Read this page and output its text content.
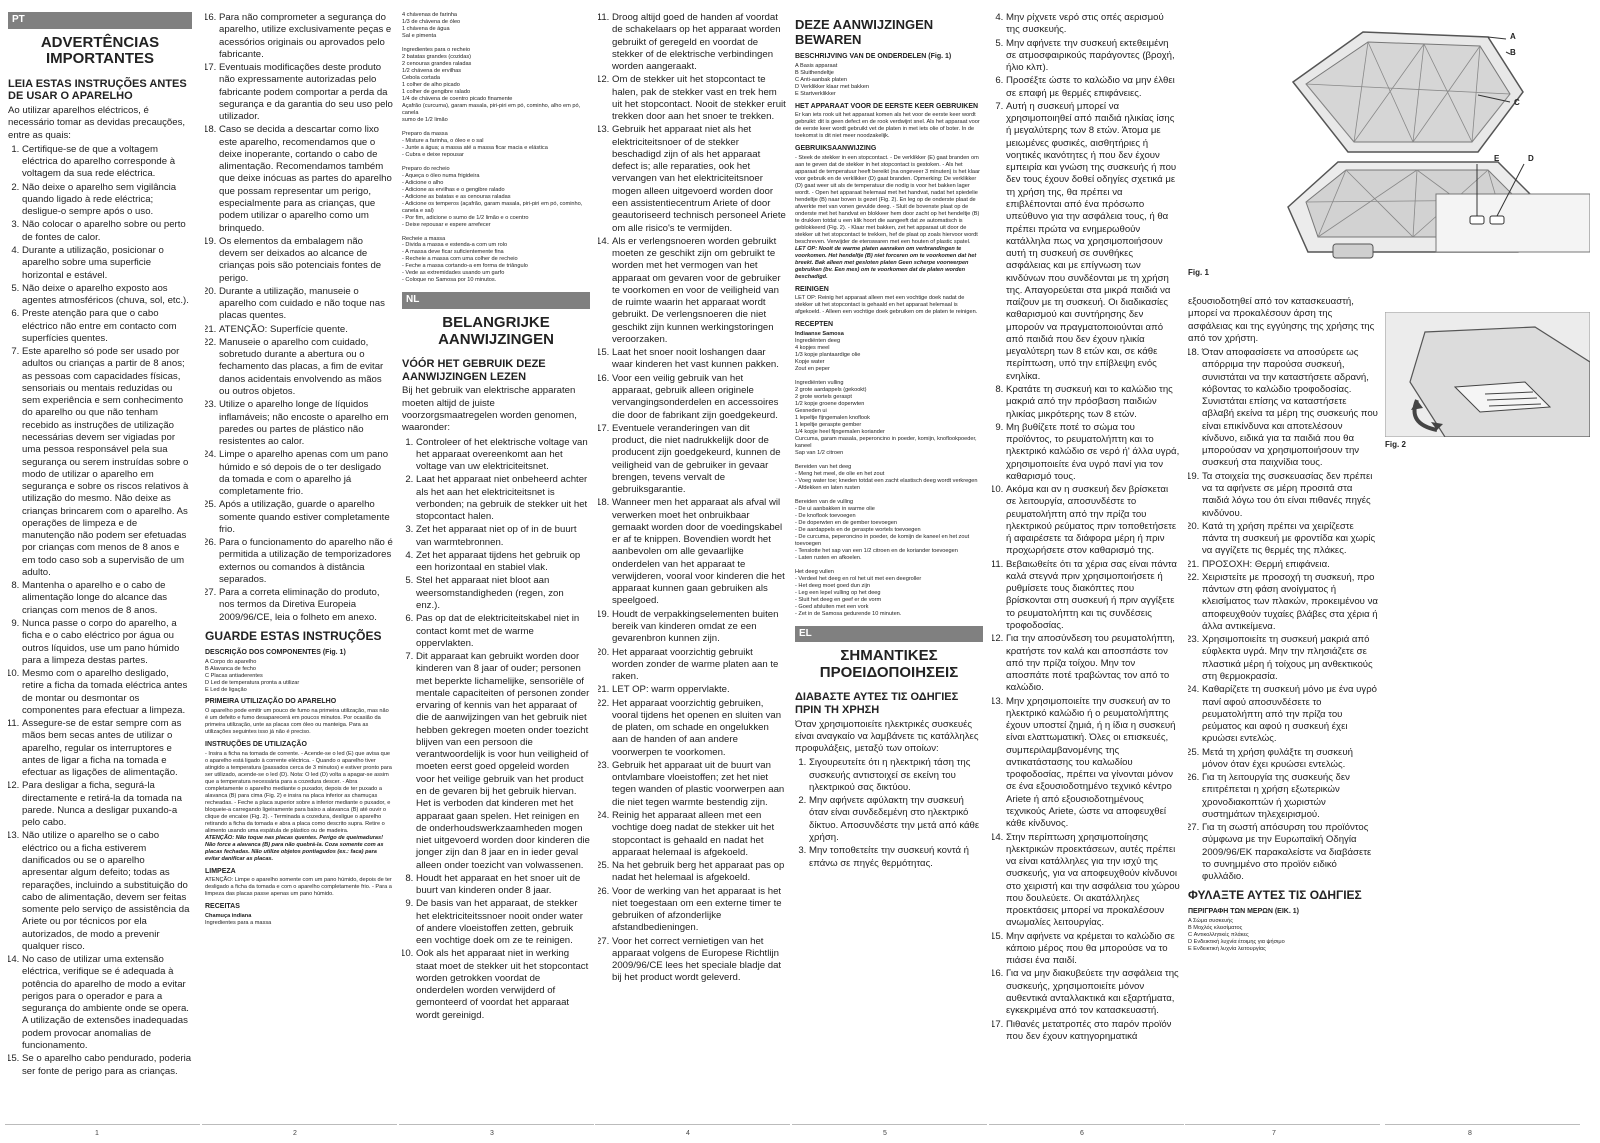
PT
ADVERTÊNCIAS IMPORTANTES
LEIA ESTAS INSTRUÇÕES ANTES DE USAR O APARELHO

Ao utilizar aparelhos eléctricos, é necessário tomar as devidas precauções, entre as quais:

1. Certifique-se de que a voltagem eléctrica do aparelho corresponde à voltagem da sua rede eléctrica.
2. Não deixe o aparelho sem vigilância quando ligado à rede eléctrica; desligue-o sempre após o uso.
3. Não colocar o aparelho sobre ou perto de fontes de calor.
4. Durante a utilização, posicionar o aparelho sobre uma superficie horizontal e estável.
5. Não deixe o aparelho exposto aos agentes atmosféricos (chuva, sol, etc.).
6. Preste atenção para que o cabo eléctrico não entre em contacto com superfícies quentes.
7. Este aparelho só pode ser usado por adultos ou crianças a partir de 8 anos; as pessoas com capacidades físicas, sensoriais ou mentais reduzidas ou sem experiência e sem conhecimento do aparelho ou que não tenham recebido as instruções de utilização necessárias devem ser vigiadas por uma pessoa responsável pela sua segurança ou serem instruídas sobre o modo de utilizar o aparelho em segurança e sobre os riscos relativos à utilização do mesmo. Não deixe as crianças brincarem com o aparelho. As operações de limpeza e de manutenção não podem ser efetuadas por crianças com menos de 8 anos e em todo caso sob a supervisão de um adulto.
8. Mantenha o aparelho e o cabo de alimentação longe do alcance das crianças com menos de 8 anos.
9. Nunca passe o corpo do aparelho, a ficha e o cabo eléctrico por água ou outros líquidos, use um pano húmido para a limpeza destas partes.
10. Mesmo com o aparelho desligado, retire a ficha da tomada eléctrica antes de montar ou desmontar os componentes para efectuar a limpeza.
11. Assegure-se de estar sempre com as mãos bem secas antes de utilizar o aparelho, regular os interruptores e antes de ligar a ficha na tomada e efectuar as ligações de alimentação.
12. Para desligar a ficha, segurá-la directamente e retirá-la da tomada na parede. Nunca a desligar puxando-a pelo cabo.
13. Não utilize o aparelho se o cabo eléctrico ou a ficha estiverem danificados ou se o aparelho apresentar algum defeito; todas as reparações, incluindo a substituição do cabo de alimentação, devem ser feitas somente pelo serviço de assistência da Ariete ou por técnicos por ela autorizados, de modo a prevenir qualquer risco.
14. No caso de utilizar uma extensão eléctrica, verifique se é adequada à potência do aparelho de modo a evitar perigos para o operador e para a segurança do ambiente onde se opera. A utilização de extensões inadequadas podem provocar anomalias de funcionamento.
15. Se o aparelho cabo pendurado, poderia ser fonte de perigo para as crianças.
1
16. Para não comprometer a segurança do aparelho, utilize exclusivamente peças e acessórios originais ou aprovados pelo fabricante.
17. Eventuais modificações deste produto não expressamente autorizadas pelo fabricante podem comportar a perda da segurança e da garantia do seu uso pelo utilizador.
18. Caso se decida a descartar como lixo este aparelho, recomendamos que o deixe inoperante, cortando o cabo de alimentação. Recomendamos também que deixe inócuas as partes do aparelho que possam representar um perigo, especialmente para as crianças, que podem utilizar o aparelho como um brinquedo.
19. Os elementos da embalagem não devem ser deixados ao alcance de crianças pois são potenciais fontes de perigo.
20. Durante a utilização, manuseie o aparelho com cuidado e não toque nas placas quentes.
21. ATENÇÃO: Superfície quente.
22. Manuseie o aparelho com cuidado, sobretudo durante a abertura ou o fechamento das placas, a fim de evitar danos acidentais envolvendo as mãos ou outros objetos.
23. Utilize o aparelho longe de líquidos inflamáveis; não encoste o aparelho em paredes ou partes de plástico não resistentes ao calor.
24. Limpe o aparelho apenas com um pano húmido e só depois de o ter desligado da tomada e com o aparelho já completamente frio.
25. Após a utilização, guarde o aparelho somente quando estiver completamente frio.
26. Para o funcionamento do aparelho não é permitida a utilização de temporizadores externos ou comandos à distância separados.
27. Para a correta eliminação do produto, nos termos da Diretiva Europeia 2009/96/CE, leia o folheto em anexo.
GUARDE ESTAS INSTRUÇÕES
DESCRIÇÃO DOS COMPONENTES (Fig. 1)
A Corpo do aparelho
B Alavanca de fecho
C Placas antiaderentes
D Led de temperatura pronta a utilizar
E Led de ligação
PRIMEIRA UTILIZAÇÃO DO APARELHO

O aparelho pode emitir um pouco de fumo na primeira utilização, mas não é um defeito e fumo desaparecerá em poucos minutos. Por ocasião da primeira utilização, unte as placas com óleo ou manteiga. Para as utilizações seguintes isso já não é preciso.

INSTRUÇÕES DE UTILIZAÇÃO

- Insira a ficha na tomada de corrente. - Acende-se o led (E) que avisa que o aparelho está ligado à corrente eléctrica. - Quando o aparelho tiver atingido a temperatura (passados cerca de 3 minutos) e estiver pronto para ser utilizado, acende-se o led (D). Nota: O led (D) volta a apagar-se assim que a temperatura necessária para a cozedura descer. - Abra completamente o aparelho mediante o puxador, depois de ter puxado a alavanca (B) para cima (Fig. 2) e insira na placa inferior as chamuças recheadas. - Feche a placa superior sobre a inferior mediante o puxador, e bloqueie-a carregando ligeiramente para baixo a alavanca (B) até ouvir o clique de encaixe (Fig. 2). - Terminada a cozedura, desligue o aparelho retirando a ficha da tomada e abra a placa como descrito supra. Retire o alimento usando uma espátula de plástico ou de madeira.

ATENÇÃO: Não toque nas placas quentes. Perigo de queimaduras! Não force a alavanca (B) para não quebrá-la. Coza somente com as placas fechadas. Não utilize objetos pontiagudos (ex.: faca) para evitar danificar as placas.

LIMPEZA

ATENÇÃO: Limpe o aparelho somente com um pano húmido, depois de ter desligado a ficha da tomada e com o aparelho completamente frio. - Para a limpeza das placas passe apenas um pano húmido.

RECEITAS

Chamuça indiana

Ingredientes para a massa

2
4 chávenas de farinha
1/3 de chávena de óleo
1 chávena de água
Sal e pimenta

Ingredientes para o recheio
2 batatas grandes (cozidas)
2 cenouras grandes raladas
1/2 chávena de ervilhas
Cebola cortada
1 colher de alho picado
1 colher de gengibre ralado
1/4 de chávena de coentro picado finamente
Açafrão (curcuma), garam masala, piri-piri em pó, cominho, alho em pó, canela
sumo de 1/2 limão

Preparo da massa
- Misture a farinha, o óleo e o sal
- Junte a água; a massa até a massa ficar macia e elástica
- Cubra e deixe repousar

Preparo do recheio
- Aqueça o óleo numa frigideira
- Adicione o alho
- Adicione as ervilhas e o gengibre ralado
- Adicione as batatas e as cenouras raladas
- Adicione os temperos (açafrão, garam masala, piri-piri em pó, cominho, canela e sal)
- Por fim, adicione o sumo de 1/2 limão e o coentro
- Deixe repousar e espere arrefecer

Recheie a massa
- Divida a massa e estenda-a com um rolo
- A massa deve ficar suficientemente fina
- Recheie a massa com uma colher de recheio
- Feche a massa cortando-a em forma de triângulo
- Vede as extremidades usando um garfo
- Coloque no Samosa por 10 minutos.
NL
BELANGRIJKE AANWIJZINGEN
VÓÓR HET GEBRUIK DEZE AANWIJZINGEN LEZEN

Bij het gebruik van elektrische apparaten moeten altijd de juiste voorzorgsmaatregelen worden genomen, waaronder:

1. Controleer of het elektrische voltage van het apparaat overeenkomt aan het voltage van uw elektriciteitsnet.
2. Laat het apparaat niet onbeheerd achter als het aan het elektriciteitsnet is verbonden; na gebruik de stekker uit het stopcontact halen.
3. Zet het apparaat niet op of in de buurt van warmtebronnen.
4. Zet het apparaat tijdens het gebruik op een horizontaal en stabiel vlak.
5. Stel het apparaat niet bloot aan weersomstandigheden (regen, zon enz.).
6. Pas op dat de elektriciteitskabel niet in contact komt met de warme oppervlakten.
7. Dit apparaat kan gebruikt worden door kinderen van 8 jaar of ouder; personen met beperkte lichamelijke, sensoriële of mentale capaciteiten of personen zonder ervaring of kennis van het apparaat of die de aanwijzingen van het gebruik niet hebben gekregen moeten onder toezicht blijven van een persoon die verantwoordelijk is voor hun veiligheid of moeten eerst goed opgeleid worden voor het veilige gebruik van het product en de gevaren bij het gebruik hiervan. Het is verboden dat kinderen met het apparaat gaan spelen. Het reinigen en de onderhoudswerkzaamheden mogen niet uitgevoerd worden door kinderen die jonger zijn dan 8 jaar en in ieder geval alleen onder toezicht van volwassenen.
8. Houdt het apparaat en het snoer uit de buurt van kinderen onder 8 jaar.
9. De basis van het apparaat, de stekker het elektriciteitssnoer nooit onder water of andere vloeistoffen zetten, gebruik een vochtige doek om ze te reinigen.
10. Ook als het apparaat niet in werking staat moet de stekker uit het stopcontact worden getrokken voordat de onderdelen worden verwijderd of gemonteerd of voordat het apparaat wordt gereinigd.
3
11. Droog altijd goed de handen af voordat de schakelaars op het apparaat worden gebruikt of geregeld en voordat de stekker of de elektrische verbindingen worden aangeraakt.
12. Om de stekker uit het stopcontact te halen, pak de stekker vast en trek hem uit het stopcontact. Nooit de stekker eruit trekken door aan het snoer te trekken.
13. Gebruik het apparaat niet als het elektriciteitsnoer of de stekker beschadigd zijn of als het apparaat defect is; alle reparaties, ook het vervangen van het elektriciteitsnoer mogen alleen uitgevoerd worden door een assistentiecentrum Ariete of door geautoriseerd technisch personeel Ariete om alle risico's te vermijden.
14. Als er verlengsnoeren worden gebruikt moeten ze geschikt zijn om gebruikt te worden met het vermogen van het apparaat om gevaren voor de gebruiker te voorkomen en voor de veiligheid van de ruimte waarin het apparaat wordt gebruikt. De verlengsnoeren die niet geschikt zijn kunnen werkingstoringen veroorzaken.
15. Laat het snoer nooit loshangen daar waar kinderen het vast kunnen pakken.
16. Voor een veilig gebruik van het apparaat, gebruik alleen originele vervangingsonderdelen en accessoires die door de fabrikant zijn goedgekeurd.
17. Eventuele veranderingen van dit product, die niet nadrukkelijk door de producent zijn goedgekeurd, kunnen de veiligheid van de gebruiker in gevaar brengen, tevens vervalt de gebruiksgarantie.
18. Wanneer men het apparaat als afval wil verwerken moet het onbruikbaar gemaakt worden door de voedingskabel er af te knippen. Bovendien wordt het aanbevolen om alle gevaarlijke onderdelen van het apparaat te verwijderen, vooral voor kinderen die het apparaat kunnen gaan gebruiken als speelgoed.
19. Houdt de verpakkingselementen buiten bereik van kinderen omdat ze een gevarenbron kunnen zijn.
20. Het apparaat voorzichtig gebruikt worden zonder de warme platen aan te raken.
21. LET OP: warm oppervlakte.
22. Het apparaat voorzichtig gebruiken, vooral tijdens het openen en sluiten van de platen, om schade en ongelukken aan de handen of aan andere voorwerpen te voorkomen.
23. Gebruik het apparaat uit de buurt van ontvlambare vloeistoffen; zet het niet tegen wanden of plastic voorwerpen aan die niet tegen warmte bestendig zijn.
24. Reinig het apparaat alleen met een vochtige doeg nadat de stekker uit het stopcontact is gehaald en nadat het apparaat helemaal is afgekoeld.
25. Na het gebruik berg het apparaat pas op nadat het helemaal is afgekoeld.
26. Voor de werking van het apparaat is het niet toegestaan om een externe timer te gebruiken of afzonderlijke afstandbedieningen.
27. Voor het correct vernietigen van het apparaat volgens de Europese Richtlijn 2009/96/CE lees het speciale bladje dat bij het product wordt geleverd.
4
DEZE AANWIJZINGEN BEWAREN
BESCHRIJVING VAN DE ONDERDELEN (Fig. 1)
A Basis apparaat
B Sluithendeltje
C Anti-aanbak platen
D Verklikker klaar met bakken
E Startverklikker
HET APPARAAT VOOR DE EERSTE KEER GEBRUIKEN

Er kan iets rook uit het apparaat komen als het voor de eerste keer wordt gebruikt: dit is geen defect en de rook verdwijnt snel. Als het apparaat voor de eerste keer wordt gebruikt vet de platen in met iets olie of boter. In de toekomst is dit niet meer noodzakelijk.

GEBRUIKSAANWIJZING

- Steek de stekker in een stopcontact. - De verklikker (E) gaat branden om aan te geven dat de stekker in het stopcontact is gestoken. - Als het apparaat de temperatuur heeft bereikt (na ongeveer 3 minuten) is het klaar voor gebruik en de verklikker (D) gaat branden. Opmerking: De verklikker (D) gaat weer uit als de temperatuur die nodig is voor het bakken lager wordt. - Open het apparaat helemaal met het handvat, nadat het spiedelie hendeltje (B) naar boven is gezet (Fig. 2). En leg op de onderste plaat de afwerkte met van vonen gevulde deeg. - Sluit de bovenste plaat op de onderste met het handvat en blokkeer hem door zacht op het hendeltje (B) te drukken totdat u een klik hoort die aangeeft dat ze automatisch is geblokkeerd (Fig. 2). - Klaar met bakken, zet het apparaat uit door de stekker uit het stopcontact te trekken, hef de plaat op zoals hiervoor wordt beschreven. Verwijder de etenswaren met een houten of plastic spatel.

LET OP: Nooit de warme platen aanraken om verbrandingen te voorkomen. Het hendeltje (B) niet forceren om te voorkomen dat het breekt. Bak alleen met gesloten platen Geen scherpe voorwerpen gebruiken (bv. Een mes) om te voorkomen dat de platen worden beschadigd.

REINIGEN

LET OP: Reinig het apparaat alleen met een vochtige doek nadat de stekker uit het stopcontact is gehaald en het apparaat helemaal is afgekoeld. - Alleen een vochtige doek gebruiken om de platen te reinigen.

RECEPTEN

Indiaanse Samosa

Ingrediënten deeg
4 kopjes meel
1/3 kopje plantaardige olie
Kopje water
Zout en peper

Ingrediënten vulling
2 grote aardappels (gekookt)
2 grote wortels geraspt
1/2 kopje groene doperwten
Gesneden ui
1 lepeltje fijngemalen knoflook
1 lepeltje geraspte gember
1/4 kopje heel fijngemalen koriander
Curcuma, garam masala, peperoncino in poeder, komijn, knoflookpoeder, kaneel
Sap van 1/2 citroen

Bereiden van het deeg
- Meng het meel, de olie en het zout
- Voeg water toe; kneden totdat een zacht elastisch deeg wordt verkregen
- Afdekken en laten rusten

Bereiden van de vulling
- De ui aanbakken in warme olie
- De knoflook toevoegen
- De doperwten en de gember toevoegen
- De aardappels en de geraspte wortels toevoegen
- De curcuma, peperoncino in poeder, de komijn de kaneel en het zout toevoegen
- Tenslotte het sap van een 1/2 citroen en de koriander toevoegen
- Laten rusten en afkoelen.

Het deeg vullen
- Verdeel het deeg en rol het uit met een deegroller
- Het deeg moet goed dun zijn
- Leg een lepel vulling op het deeg
- Sluit het deeg en geef er de vorm
- Goed afsluiten met een vork
- Zet in de Samosa gedurende 10 minuten.
EL
ΣΗΜΑΝΤΙΚΕΣ ΠΡΟΕΙΔΟΠΟΙΗΣΕΙΣ
ΔΙΑΒΑΣΤΕ ΑΥΤΕΣ ΤΙΣ ΟΔΗΓΙΕΣ ΠΡΙΝ ΤΗ ΧΡΗΣΗ

Όταν χρησιμοποιείτε ηλεκτρικές συσκευές είναι αναγκαίο να λαμβάνετε τις κατάλληλες προφυλάξεις, μεταξύ των οποίων:

1. Σιγουρευτείτε ότι η ηλεκτρική τάση της συσκευής αντιστοιχεί σε εκείνη του ηλεκτρικού σας δικτύου.
2. Μην αφήνετε αφύλακτη την συσκευή όταν είναι συνδεδεμένη στο ηλεκτρικό δίκτυο. Αποσυνδέστε την μετά από κάθε χρήση.
3. Μην τοποθετείτε την συσκευή κοντά ή επάνω σε πηγές θερμότητας.
5
4. Μην ρίχνετε νερό στις οπές αερισμού της συσκευής.
5. Μην αφήνετε την συσκευή εκτεθειμένη σε ατμοσφαιρικούς παράγοντες (βροχή, ήλιο κλπ).
6. Προσέξτε ώστε το καλώδιο να μην έλθει σε επαφή με θερμές επιφάνειες.
7. Αυτή η συσκευή μπορεί να χρησιμοποιηθεί από παιδιά ηλικίας ίσης ή μεγαλύτερης των 8 ετών. Άτομα με μειωμένες φυσικές, αισθητήριες ή νοητικές ικανότητες ή που δεν έχουν εμπειρία και γνώση της συσκευής ή που δεν τους έχουν δοθεί οδηγίες σχετικά με τη χρήση της, θα πρέπει να επιβλέπονται από ένα πρόσωπο υπεύθυνο για την ασφάλεια τους, ή θα πρέπει πρώτα να ενημερωθούν κατάλληλα πως να χρησιμοποιήσουν αυτή τη συσκευή σε συνθήκες ασφάλειας και με επίγνωση των κινδύνων που συνδέονται με τη χρήση της. Απαγορεύεται στα μικρά παιδιά να παίζουν με τη συσκευή. Οι διαδικασίες καθαρισμού και συντήρησης δεν μπορούν να πραγματοποιούνται από από παιδιά που δεν έχουν ηλικία μεγαλύτερη των 8 ετών και, σε κάθε περίπτωση, υπό την επίβλεψη ενός ενηλίκα.
8. Κρατάτε τη συσκευή και το καλώδιο της μακριά από την πρόσβαση παιδιών ηλικίας μικρότερης των 8 ετών.
9. Μη βυθίζετε ποτέ το σώμα του προϊόντος, το ρευματολήπτη και το ηλεκτρικό καλώδιο σε νερό ή' άλλα υγρά, χρησιμοποιείτε ένα υγρό πανί για τον καθαρισμό τους.
10. Ακόμα και αν η συσκευή δεν βρίσκεται σε λειτουργία, αποσυνδέστε το ρευματολήπτη από την πρίζα του ηλεκτρικού ρεύματος πριν τοποθετήσετε ή αφαιρέσετε τα διάφορα μέρη ή πριν προχωρήσετε στον καθαρισμό της.
11. Βεβαιωθείτε ότι τα χέρια σας είναι πάντα καλά στεγνά πριν χρησιμοποιήσετε ή ρυθμίσετε τους διακόπτες που βρίσκονται στη συσκευή ή πριν αγγίξετε το ρευματολήπτη και τις συνδέσεις τροφοδοσίας.
12. Για την αποσύνδεση του ρευματολήπτη, κρατήστε τον καλά και αποσπάστε τον από την πρίζα τοίχου. Μην τον αποσπάτε ποτέ τραβώντας τον από το καλώδιο.
13. Μην χρησιμοποιείτε την συσκευή αν το ηλεκτρικό καλώδιο ή ο ρευματολήπτης έχουν υποστεί ζημιά, ή η ίδια η συσκευή είναι ελαττωματική. Όλες οι επισκευές, συμπεριλαμβανομένης της αντικατάστασης του καλωδίου τροφοδοσίας, πρέπει να γίνονται μόνον σε ένα εξουσιοδοτημένο τεχνικό κέντρο Ariete ή από εξουσιοδοτημένους τεχνικούς Ariete, ώστε να αποφευχθεί κάθε κίνδυνος.
14. Στην περίπτωση χρησιμοποίησης ηλεκτρικών προεκτάσεων, αυτές πρέπει να είναι κατάλληλες για την ισχύ της συσκευής, για να αποφευχθούν κίνδυνοι στο χειριστή και την ασφάλεια του χώρου που δουλεύετε. Οι ακατάλληλες προεκτάσεις μπορεί να προκαλέσουν ανωμαλίες λειτουργίας.
15. Μην αφήνετε να κρέμεται το καλώδιο σε κάποιο μέρος που θα μπορούσε να το πιάσει ένα παιδί.
16. Για να μην διακυβεύετε την ασφάλεια της συσκευής, χρησιμοποιείτε μόνον αυθεντικά ανταλλακτικά και εξαρτήματα, εγκεκριμένα από τον κατασκευαστή.
17. Πιθανές μετατροπές στο παρόν προϊόν που δεν έχουν κατηγορηματικά
6

εξουσιοδοτηθεί από τον κατασκευαστή, μπορεί να προκαλέσουν άρση της ασφάλειας και της εγγύησης της χρήσης της από τον χρήστη.

18. Όταν αποφασίσετε να αποσύρετε ως απόρριμα την παρούσα συσκευή, συνιστάται να την καταστήσετε αδρανή, κόβοντας το καλώδιο τροφοδοσίας. Συνιστάται επίσης να καταστήσετε αβλαβή εκείνα τα μέρη της συσκευής που είναι επικίνδυνα και αποτελέσουν κίνδυνο, ειδικά για τα παιδιά που θα μπορούσαν να χρησιμοποιήσουν την συσκευή στα παιχνίδια τους.
19. Τα στοιχεία της συσκευασίας δεν πρέπει να τα αφήνετε σε μέρη προσιτά στα παιδιά λόγω του ότι είναι πιθανές πηγές κινδύνου.
20. Κατά τη χρήση πρέπει να χειρίζεστε πάντα τη συσκευή με φροντίδα και χωρίς να αγγίζετε τις θερμές της πλάκες.
21. ΠΡΟΣΟΧΗ: Θερμή επιφάνεια.
22. Χειριστείτε με προσοχή τη συσκευή, προ πάντων στη φάση ανοίγματος ή κλεισίματος των πλακών, προκειμένου να αποφευχθούν τυχαίες βλάβες στα χέρια ή άλλα αντικείμενα.
23. Χρησιμοποιείτε τη συσκευή μακριά από εύφλεκτα υγρά. Μην την πλησιάζετε σε πλαστικά μέρη ή τοίχους μη ανθεκτικούς στη θερμοκρασία.
24. Καθαρίζετε τη συσκευή μόνο με ένα υγρό πανί αφού αποσυνδέσετε το ρευματολήπτη από την πρίζα του ρεύματος και αφού η συσκευή έχει κρυώσει εντελώς.
25. Μετά τη χρήση φυλάξτε τη συσκευή μόνον όταν έχει κρυώσει εντελώς.
26. Για τη λειτουργία της συσκευής δεν επιτρέπεται η χρήση εξωτερικών χρονοδιακοπτών ή χωριστών συστημάτων τηλεχειρισμού.
27. Για τη σωστή απόσυρση του προϊόντος σύμφωνα με την Ευρωπαϊκή Οδηγία 2009/96/ΕΚ παρακαλείστε να διαβάσετε το συνημμένο στο προϊόν ειδικό φυλλάδιο.
ΦΥΛΑΞΤΕ ΑΥΤΕΣ ΤΙΣ ΟΔΗΓΙΕΣ
ΠΕΡΙΓΡΑΦΗ ΤΩΝ ΜΕΡΩΝ (ΕΙΚ. 1)
A Σώμα συσκευής
B Μοχλός κλεισίματος
C Αντικολλητικές πλάκες
D Ενδεικτική λυχνία έτοιμης για ψήσιμο
E Ενδεικτική λυχνία λειτουργίας
7
A
B
C
E	D
Fig. 1
Fig. 2
8
